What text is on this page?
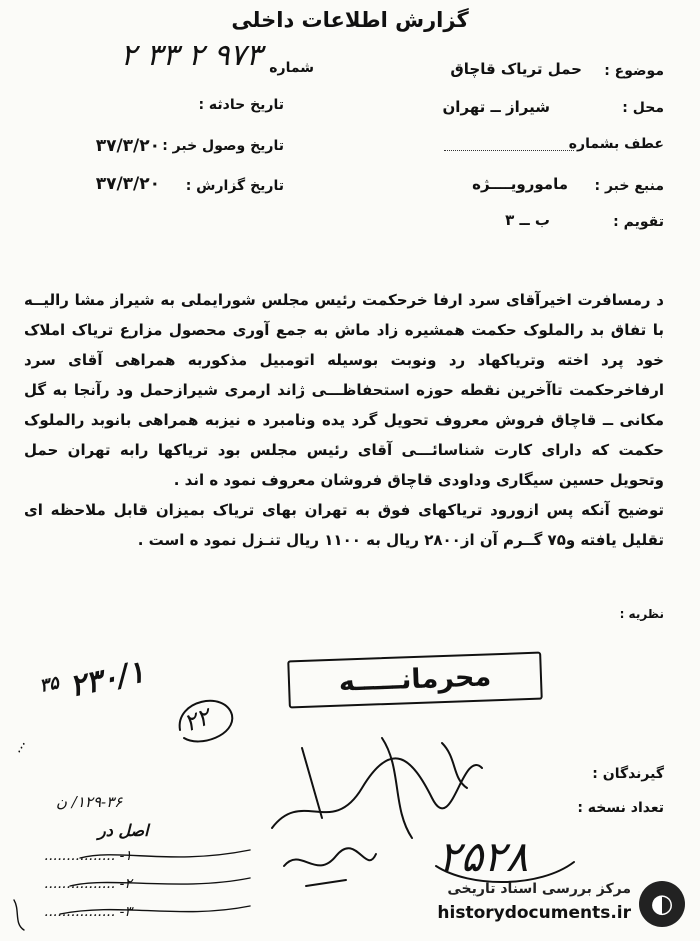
گزارش اطلاعات داخلی
موضوع :
حمل تریاک قاچاق
محل :
شیراز ــ تهران
عطف بشماره
منبع خبر :
مامورویــــژه
تقویم :
ب ــ ۳
شماره
۹۷۳ ۲ ۳۳ ۲
تاریخ حادثه :
تاریخ وصول خبر :
۳۷/۳/۲۰
تاریخ گزارش :
۳۷/۳/۲۰

د رمسافرت اخیرآقای سرد ارفا خرحکمت رئیس مجلس شورایملی به شیراز مشا رالیــه با تفاق بد رالملوک حکمت همشیره زاد ماش به جمع آوری محصول مزارع تریاک املاک خود پرد اخته وتریاکهاد رد ونوبت بوسیله اتومبیل مذکوربه همراهی آقای سرد ارفاخرحکمت تاآخرین نقطه حوزه استحفاظـــی ژاند ارمری شیرازحمل ود رآنجا به گل مکانی ــ قاچاق فروش معروف تحویل گرد یده ونامبرد ه نیزبه همراهی بانوبد رالملوک حکمت که دارای کارت شناسائـــی آقای رئیس مجلس بود تریاکها رابه تهران حمل وتحویل حسین سیگاری وداودی قاچاق فروشان معروف نمود ه اند .

توضیح آنکه پس ازورود تریاکهای فوق به تهران بهای تریاک بمیزان قابل ملاحظه ای تقلیل یافته و۷۵ گــرم آن از۲۸۰۰ ریال به ۱۱۰۰ ریال تنـزل نمود ه است .

نظریه :
محرمانـــــه
۲۳۰/۱ $^{۳۵}$
۲۲
گیرندگان :
تعداد نسخه :
۱۲۹-۳۶/ ن
۲۵۲۸
...
اصل در
۱- ................
۲- ................
۳- ................	◐
مرکز بررسی اسناد تاریخی
historydocuments.ir
